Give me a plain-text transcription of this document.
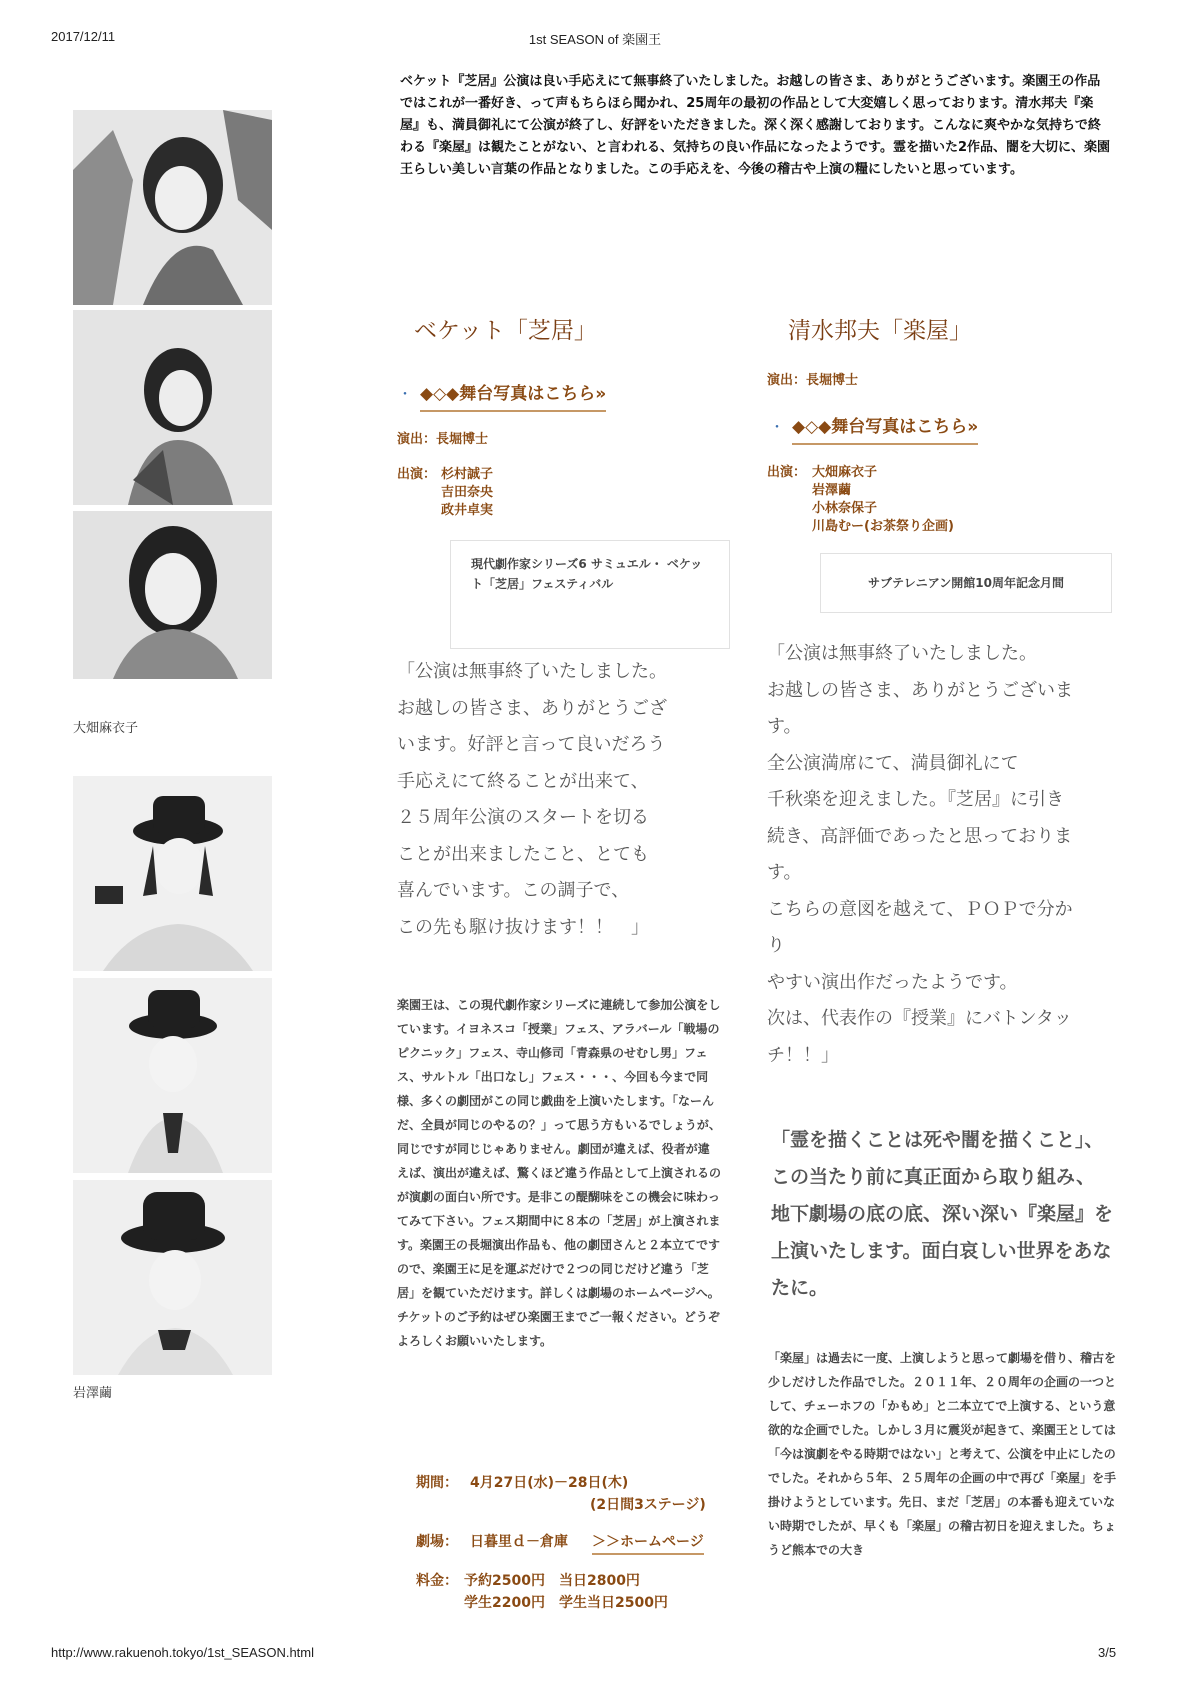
2017/12/11	1st SEASON of 楽園王
http://www.rakuenoh.tokyo/1st_SEASON.html	3/5
大畑麻衣子
岩澤繭
ベケット『芝居』公演は良い手応えにて無事終了いたしました。お越しの皆さま、ありがとうございます。楽園王の作品ではこれが一番好き、って声もちらほら聞かれ、25周年の最初の作品として大変嬉しく思っております。清水邦夫『楽屋』も、満員御礼にて公演が終了し、好評をいただきました。深く深く感謝しております。こんなに爽やかな気持ちで終わる『楽屋』は観たことがない、と言われる、気持ちの良い作品になったようです。霊を描いた2作品、闇を大切に、楽園王らしい美しい言葉の作品となりました。この手応えを、今後の稽古や上演の糧にしたいと思っています。
ベケット「芝居」
・ ◆◇◆舞台写真はこちら»
演出：長堀博士
出演： 杉村誠子
吉田奈央
政井卓実
現代劇作家シリーズ6 サミュエル・ ベケット「芝居」フェスティバル
「公演は無事終了いたしました。
お越しの皆さま、ありがとうござ
います。好評と言って良いだろう
手応えにて終ることが出来て、
２５周年公演のスタートを切る
ことが出来ましたこと、とても
喜んでいます。この調子で、
この先も駆け抜けます！！　」
楽園王は、この現代劇作家シリーズに連続して参加公演をしています。イヨネスコ「授業」フェス、アラバール「戦場のピクニック」フェス、寺山修司「青森県のせむし男」フェス、サルトル「出口なし」フェス・・・、今回も今まで同様、多くの劇団がこの同じ戯曲を上演いたします。「なーんだ、全員が同じのやるの？」って思う方もいるでしょうが、同じですが同じじゃありません。劇団が違えば、役者が違えば、演出が違えば、驚くほど違う作品として上演されるのが演劇の面白い所です。是非この醍醐味をこの機会に味わってみて下さい。フェス期間中に８本の「芝居」が上演されます。楽園王の長堀演出作品も、他の劇団さんと２本立てですので、楽園王に足を運ぶだけで２つの同じだけど違う「芝居」を観ていただけます。詳しくは劇場のホームページへ。チケットのご予約はぜひ楽園王までご一報ください。どうぞよろしくお願いいたします。
期間： 4月27日(水)－28日(木)
(2日間3ステージ)
劇場： 日暮里ｄ－倉庫 ＞＞ホームページ
料金： 予約2500円　当日2800円
学生2200円　学生当日2500円
清水邦夫「楽屋」
演出：長堀博士
・ ◆◇◆舞台写真はこちら»
出演： 大畑麻衣子
岩澤繭
小林奈保子
川島むー(お茶祭り企画)
サブテレニアン開館10周年記念月間
「公演は無事終了いたしました。
お越しの皆さま、ありがとうございま
す。
全公演満席にて、満員御礼にて
千秋楽を迎えました。『芝居』に引き
続き、高評価であったと思っておりま
す。
こちらの意図を越えて、ＰＯＰで分か
り
やすい演出作だったようです。
次は、代表作の『授業』にバトンタッ
チ！！」
「霊を描くことは死や闇を描くこと」、この当たり前に真正面から取り組み、地下劇場の底の底、深い深い『楽屋』を上演いたします。面白哀しい世界をあなたに。
「楽屋」は過去に一度、上演しようと思って劇場を借り、稽古を少しだけした作品でした。２０１１年、２０周年の企画の一つとして、チェーホフの「かもめ」と二本立てで上演する、という意欲的な企画でした。しかし３月に震災が起きて、楽園王としては「今は演劇をやる時期ではない」と考えて、公演を中止にしたのでした。それから５年、２５周年の企画の中で再び「楽屋」を手掛けようとしています。先日、まだ「芝居」の本番も迎えていない時期でしたが、早くも「楽屋」の稽古初日を迎えました。ちょうど熊本での大き
